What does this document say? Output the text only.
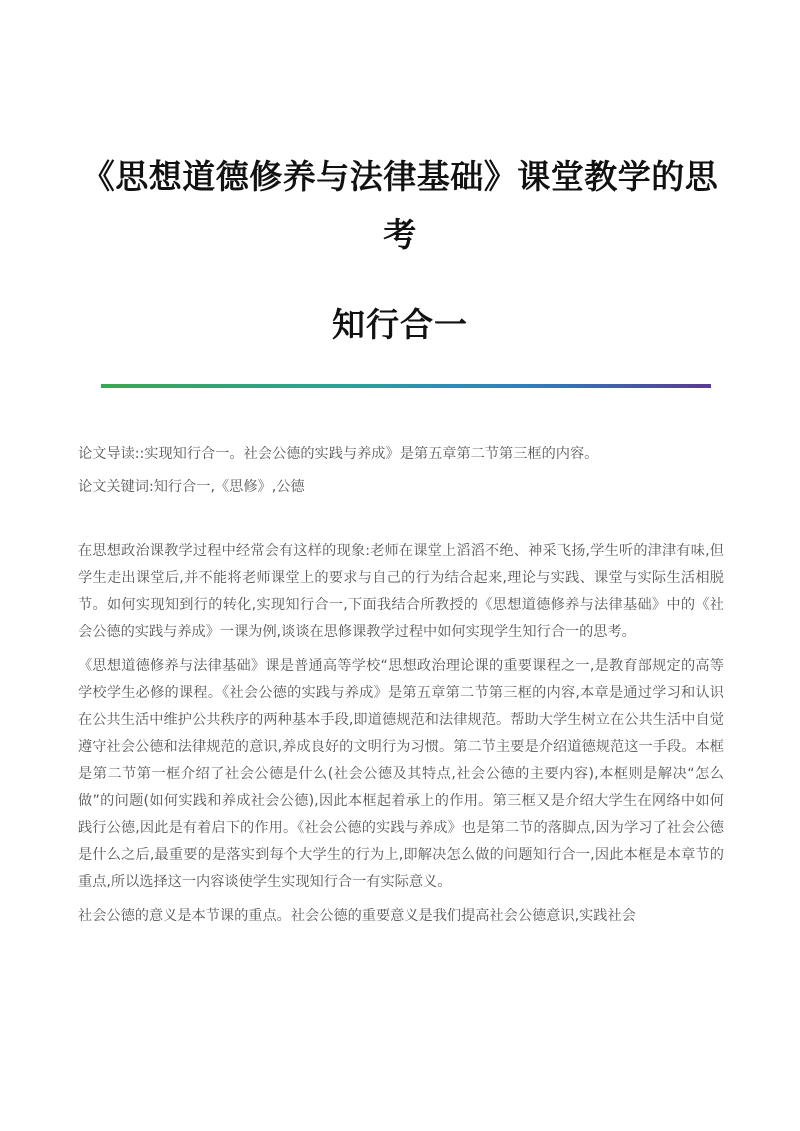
《思想道德修养与法律基础》课堂教学的思考
知行合一
论文导读::实现知行合一。社会公德的实践与养成》是第五章第二节第三框的内容。
论文关键词:知行合一,《思修》,公德

在思想政治课教学过程中经常会有这样的现象:老师在课堂上滔滔不绝、神采飞扬,学生听的津津有味,但学生走出课堂后,并不能将老师课堂上的要求与自己的行为结合起来,理论与实践、课堂与实际生活相脱节。如何实现知到行的转化,实现知行合一,下面我结合所教授的《思想道德修养与法律基础》中的《社会公德的实践与养成》一课为例,谈谈在思修课教学过程中如何实现学生知行合一的思考。

《思想道德修养与法律基础》课是普通高等学校“思想政治理论课的重要课程之一,是教育部规定的高等学校学生必修的课程。《社会公德的实践与养成》是第五章第二节第三框的内容,本章是通过学习和认识在公共生活中维护公共秩序的两种基本手段,即道德规范和法律规范。帮助大学生树立在公共生活中自觉遵守社会公德和法律规范的意识,养成良好的文明行为习惯。第二节主要是介绍道德规范这一手段。本框是第二节第一框介绍了社会公德是什么(社会公德及其特点,社会公德的主要内容),本框则是解决“怎么做”的问题(如何实践和养成社会公德),因此本框起着承上的作用。第三框又是介绍大学生在网络中如何践行公德,因此是有着启下的作用。《社会公德的实践与养成》也是第二节的落脚点,因为学习了社会公德是什么之后,最重要的是落实到每个大学生的行为上,即解决怎么做的问题知行合一,因此本框是本章节的重点,所以选择这一内容谈使学生实现知行合一有实际意义。

社会公德的意义是本节课的重点。社会公德的重要意义是我们提高社会公德意识,实践社会
